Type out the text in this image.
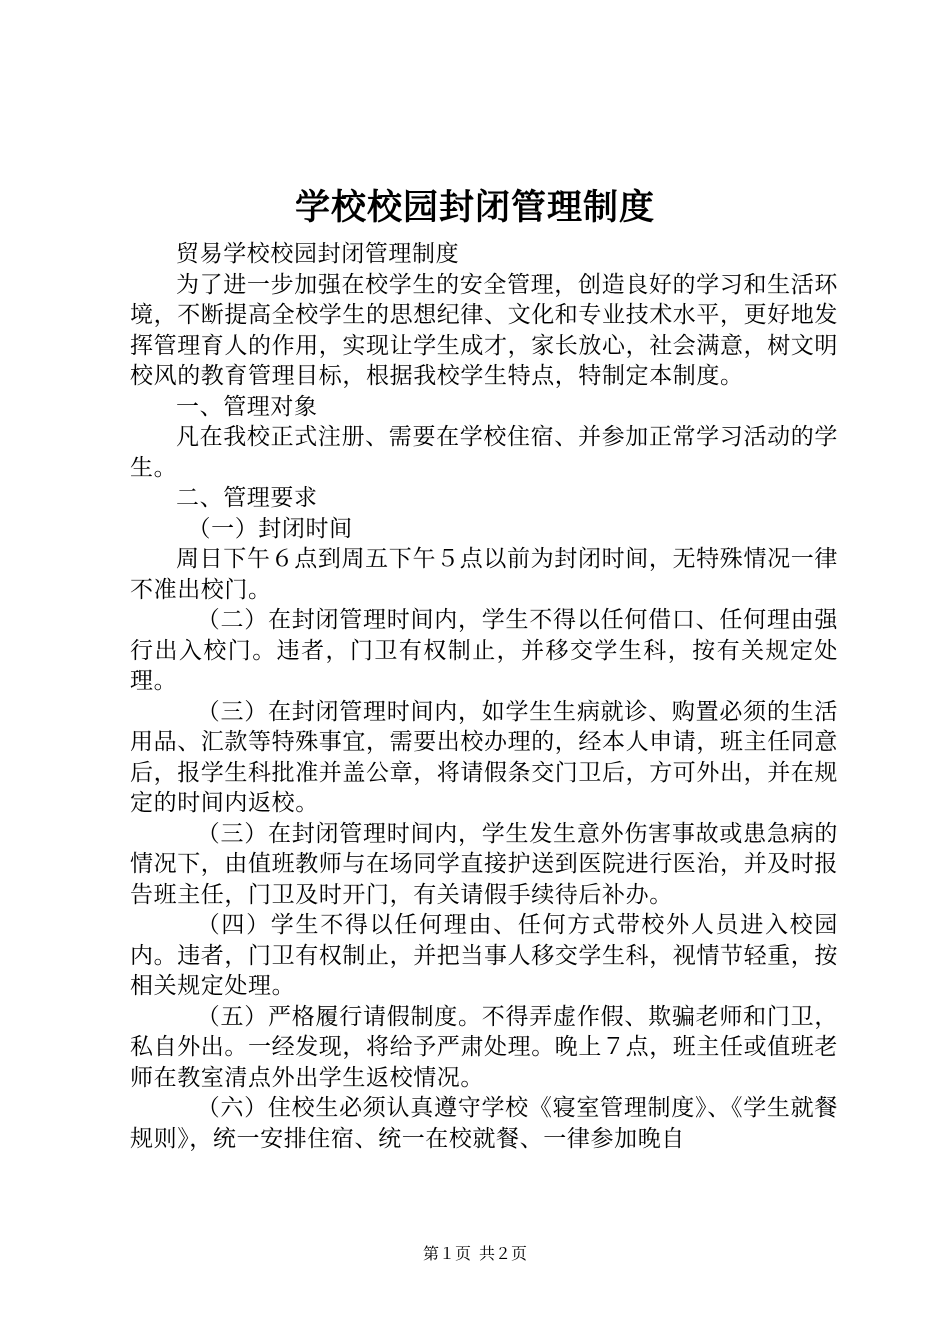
学校校园封闭管理制度

贸易学校校园封闭管理制度

为了进一步加强在校学生的安全管理，创造良好的学习和生活环境，不断提高全校学生的思想纪律、文化和专业技术水平，更好地发挥管理育人的作用，实现让学生成才，家长放心，社会满意，树文明校风的教育管理目标，根据我校学生特点，特制定本制度。

一、管理对象

凡在我校正式注册、需要在学校住宿、并参加正常学习活动的学生。

二、管理要求

（一）封闭时间

周日下午６点到周五下午５点以前为封闭时间，无特殊情况一律不准出校门。

（二）在封闭管理时间内，学生不得以任何借口、任何理由强行出入校门。违者，门卫有权制止，并移交学生科，按有关规定处理。

（三）在封闭管理时间内，如学生生病就诊、购置必须的生活用品、汇款等特殊事宜，需要出校办理的，经本人申请，班主任同意后，报学生科批准并盖公章，将请假条交门卫后，方可外出，并在规定的时间内返校。

（三）在封闭管理时间内，学生发生意外伤害事故或患急病的情况下，由值班教师与在场同学直接护送到医院进行医治，并及时报告班主任，门卫及时开门，有关请假手续待后补办。

（四）学生不得以任何理由、任何方式带校外人员进入校园内。违者，门卫有权制止，并把当事人移交学生科，视情节轻重，按相关规定处理。

（五）严格履行请假制度。不得弄虚作假、欺骗老师和门卫，私自外出。一经发现，将给予严肃处理。晚上７点，班主任或值班老师在教室清点外出学生返校情况。

（六）住校生必须认真遵守学校《寝室管理制度》、《学生就餐规则》，统一安排住宿、统一在校就餐、一律参加晚自

第１页 共２页
